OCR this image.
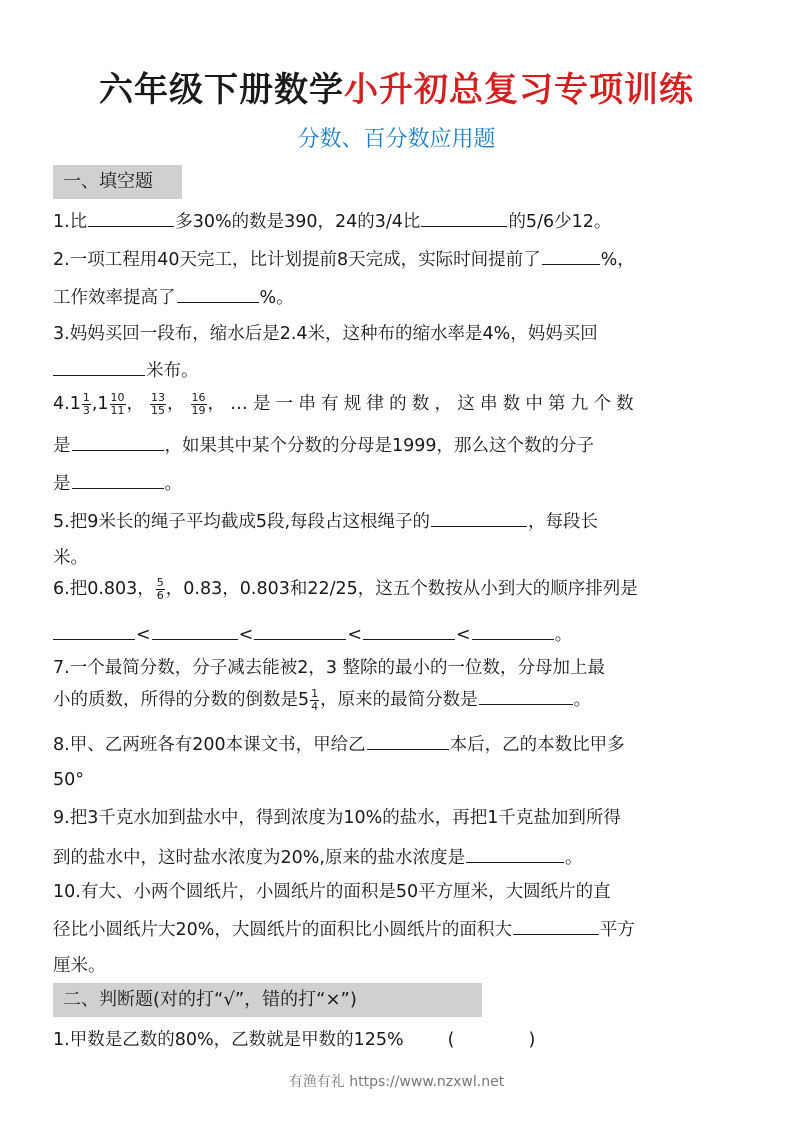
六年级下册数学小升初总复习专项训练
分数、百分数应用题
一、填空题
1.比	多30%的数是390，24的3/4比	的5/6少12。
2.一项工程用40天完工，比计划提前8天完成，实际时间提前了	%，
工作效率提高了	%。
3.妈妈买回一段布，缩水后是2.4米，这种布的缩水率是4%，妈妈买回
米布。
$4.1 \frac{1}{3} ,1 \frac{10}{11}$ ， $\frac{13}{15}$ ， $\frac{16}{19}$ ，…是一串有规律的数，这串数中第九个数
是	，如果其中某个分数的分母是1999，那么这个数的分子
是	。
5.把9米长的绳子平均截成5段,每段占这根绳子的	，每段长
米。
6.把0.803， $\frac{5}{6}$ ，0.83，0.803和22/25，这五个数按从小到大的顺序排列是
<	<	<	<	。
7.一个最简分数，分子减去能被2，3 整除的最小的一位数，分母加上最
小的质数，所得的分数的倒数是$5 \frac{1}{4}$ ，原来的最简分数是	。
8.甲、乙两班各有200本课文书，甲给乙	本后，乙的本数比甲多
50°
9.把3千克水加到盐水中，得到浓度为10%的盐水，再把1千克盐加到所得
到的盐水中，这时盐水浓度为20%,原来的盐水浓度是	。
10.有大、小两个圆纸片，小圆纸片的面积是50平方厘米，大圆纸片的直
径比小圆纸片大20%，大圆纸片的面积比小圆纸片的面积大	平方
厘米。
二、判断题(对的打“√”，错的打“×”)
1.甲数是乙数的80%，乙数就是甲数的125%	(	)
有渔有礼 https://www.nzxwl.net
